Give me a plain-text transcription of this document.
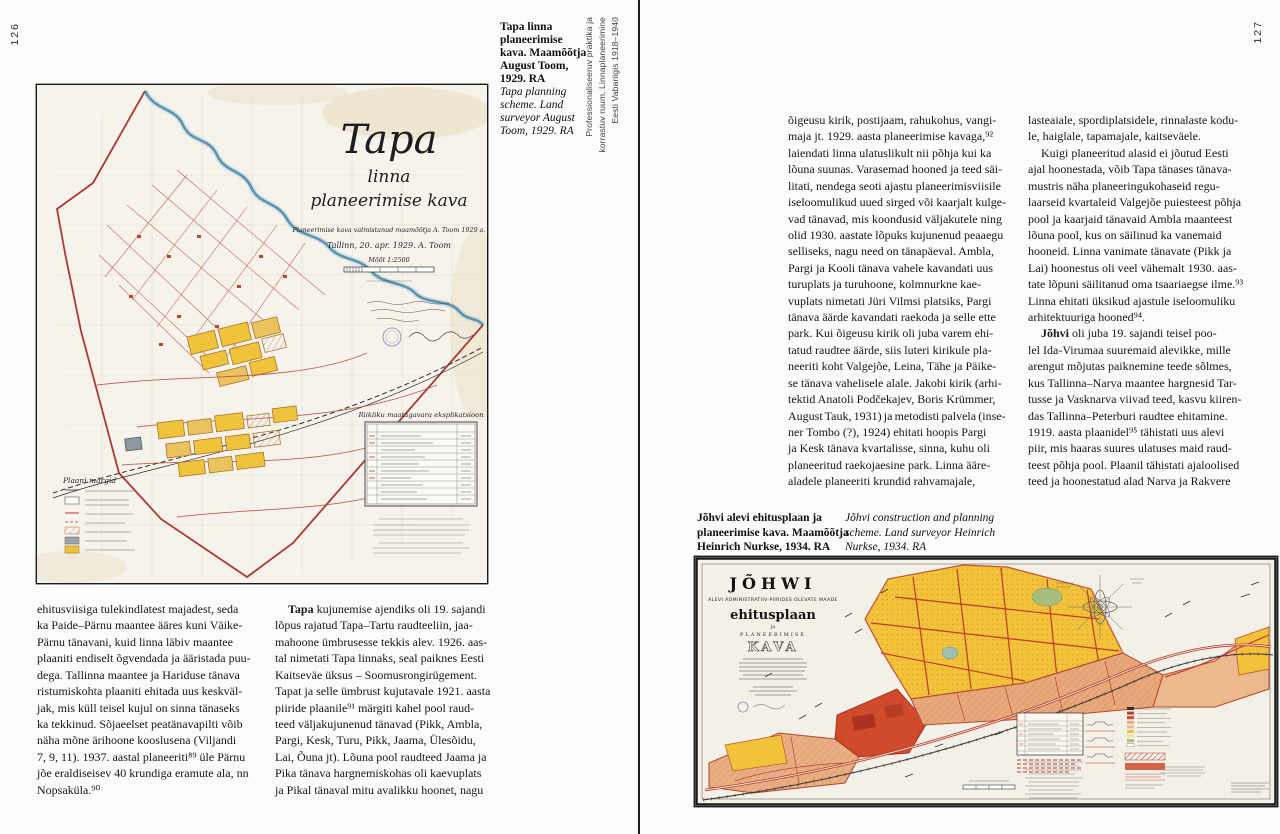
126	127
Professionaliseeruv praktika ja korrastuv ruum. Linnaplaneerimine Eesti Vabariigis 1918–1940
Tapa
linna
planeerimise kava
Planeerimise kava valmistanud maamõõtja A. Toom 1929 a.
Tallinn, 20. apr. 1929. A. Toom
Mõõt 1:2500
Riikliku maatagavara eksplikatsioon
Plaani märgid
Tapa linna
planeerimise
kava. Maamõõtja
August Toom,
1929. RA
Tapa planning
scheme. Land
surveyor August
Toom, 1929. RA
ehitusviisiga tulekindlatest majadest, seda
ka Paide–Pärnu maantee ääres kuni Väike-
Pärnu tänavani, kuid linna läbiv maantee
plaaniti endiselt õgvendada ja ääristada puu-
dega. Tallinna maantee ja Hariduse tänava
ristumiskohta plaaniti ehitada uus keskväl-
jak, mis küll teisel kujul on sinna tänaseks
ka tekkinud. Sõjaeelset peatänavapilti võib
näha mõne ärihoone kooslusena (Viljandi
7, 9, 11). 1937. aastal planeeriti⁸⁹ üle Pärnu
jõe eraldiseisev 40 krundiga eramute ala, nn
Nopsaküla.⁹⁰
Tapa kujunemise ajendiks oli 19. sajandi
lõpus rajatud Tapa–Tartu raudteeliin, jaa-
mahoone ümbrusesse tekkis alev. 1926. aas-
tal nimetati Tapa linnaks, seal paiknes Eesti
Kaitseväe üksus – Soomusrongirügement.
Tapat ja selle ümbrust kujutavale 1921. aasta
piiride plaanile⁹¹ märgiti kahel pool raud-
teed väljakujunenud tänavad (Pikk, Ambla,
Pargi, Kesk, Turu, Pikk, Jaama, Ülesõidu,
Lai, Õuna jt). Lõuna pool raudteed Jaama ja
Pika tänava hargnemiskohas oli kaevuplats
ja Pikal tänaval mitu avalikku hoonet, nagu
õigeusu kirik, postijaam, rahukohus, vangi-
maja jt. 1929. aasta planeerimise kavaga,⁹²
laiendati linna ulatuslikult nii põhja kui ka
lõuna suunas. Varasemad hooned ja teed säi-
litati, nendega seoti ajastu planeerimisviisile
iseloomulikud uued sirged või kaarjalt kulge-
vad tänavad, mis koondusid väljakutele ning
olid 1930. aastate lõpuks kujunenud peaaegu
selliseks, nagu need on tänapäeval. Ambla,
Pargi ja Kooli tänava vahele kavandati uus
turuplats ja turuhoone, kolmnurkne kae-
vuplats nimetati Jüri Vilmsi platsiks, Pargi
tänava äärde kavandati raekoda ja selle ette
park. Kui õigeusu kirik oli juba varem ehi-
tatud raudtee äärde, siis luteri kirikule pla-
neeriti koht Valgejõe, Leina, Tähe ja Päike-
se tänava vahelisele alale. Jakobi kirik (arhi-
tektid Anatoli Podčekajev, Boris Krümmer,
August Tauk, 1931) ja metodisti palvela (inse-
ner Tombo (?), 1924) ehitati hoopis Pargi
ja Kesk tänava kvartalisse, sinna, kuhu oli
planeeritud raekojaesine park. Linna ääre-
aladele planeeriti krundid rahvamajale,
lasteaiale, spordiplatsidele, rinnalaste kodu-
le, haiglale, tapamajale, kaitseväele.
Kuigi planeeritud alasid ei jõutud Eesti
ajal hoonestada, võib Tapa tänases tänava-
mustris näha planeeringukohaseid regu-
laarseid kvartaleid Valgejõe puiesteest põhja
pool ja kaarjaid tänavaid Ambla maanteest
lõuna pool, kus on säilinud ka vanemaid
hooneid. Linna vanimate tänavate (Pikk ja
Lai) hoonestus oli veel vähemalt 1930. aas-
tate lõpuni säilitanud oma tsaariaegse ilme.⁹³
Linna ehitati üksikud ajastule iseloomuliku
arhitektuuriga hooned⁹⁴.
Jõhvi oli juba 19. sajandi teisel poo-
lel Ida-Virumaa suuremaid alevikke, mille
arengut mõjutas paiknemine teede sõlmes,
kus Tallinna–Narva maantee hargnesid Tar-
tusse ja Vasknarva viivad teed, kasvu kiiren-
das Tallinna–Peterburi raudtee ehitamine.
1919. aasta plaanidel⁹⁵ tähistati uus alevi
piir, mis haaras suures ulatuses maid raud-
teest põhja pool. Plaanil tähistati ajaloolised
teed ja hoonestatud alad Narva ja Rakvere
Jõhvi alevi ehitusplaan ja
planeerimise kava. Maamõõtja
Heinrich Nurkse, 1934. RA
Jõhvi construction and planning
scheme. Land surveyor Heinrich
Nurkse, 1934. RA
JÕHWI
ALEVI ADMINISTRATIIV-PIIRIDES OLEVATE MAADE
ehitusplaan
ja
PLANEERIMISE
KAVA
